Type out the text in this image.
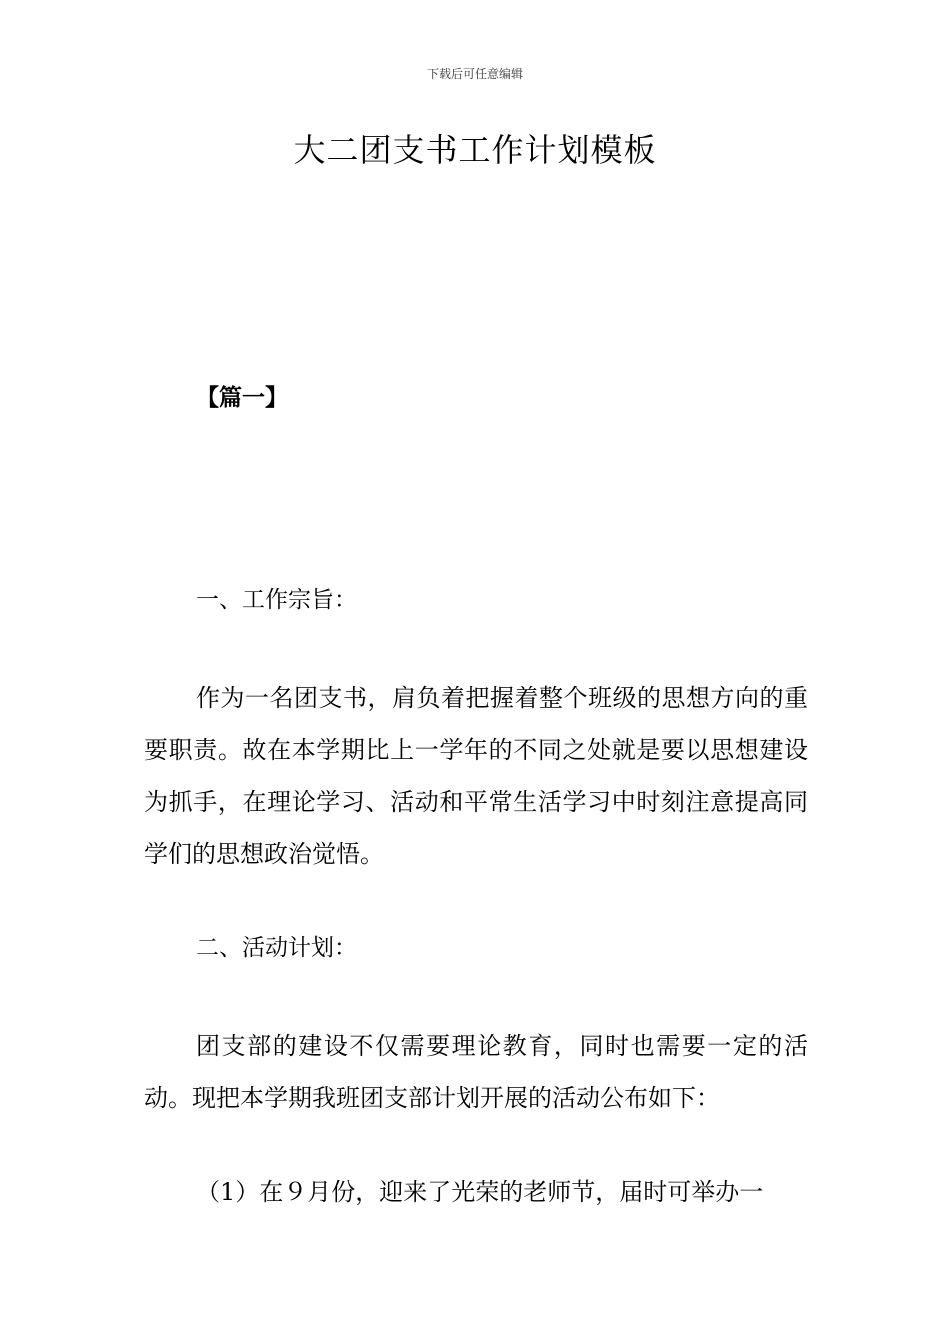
下载后可任意编辑
大二团支书工作计划模板
【篇一】
一、工作宗旨：
作为一名团支书，肩负着把握着整个班级的思想方向的重要职责。故在本学期比上一学年的不同之处就是要以思想建设为抓手，在理论学习、活动和平常生活学习中时刻注意提高同学们的思想政治觉悟。
二、活动计划：
团支部的建设不仅需要理论教育，同时也需要一定的活动。现把本学期我班团支部计划开展的活动公布如下：
（1）在９月份，迎来了光荣的老师节，届时可举办一
